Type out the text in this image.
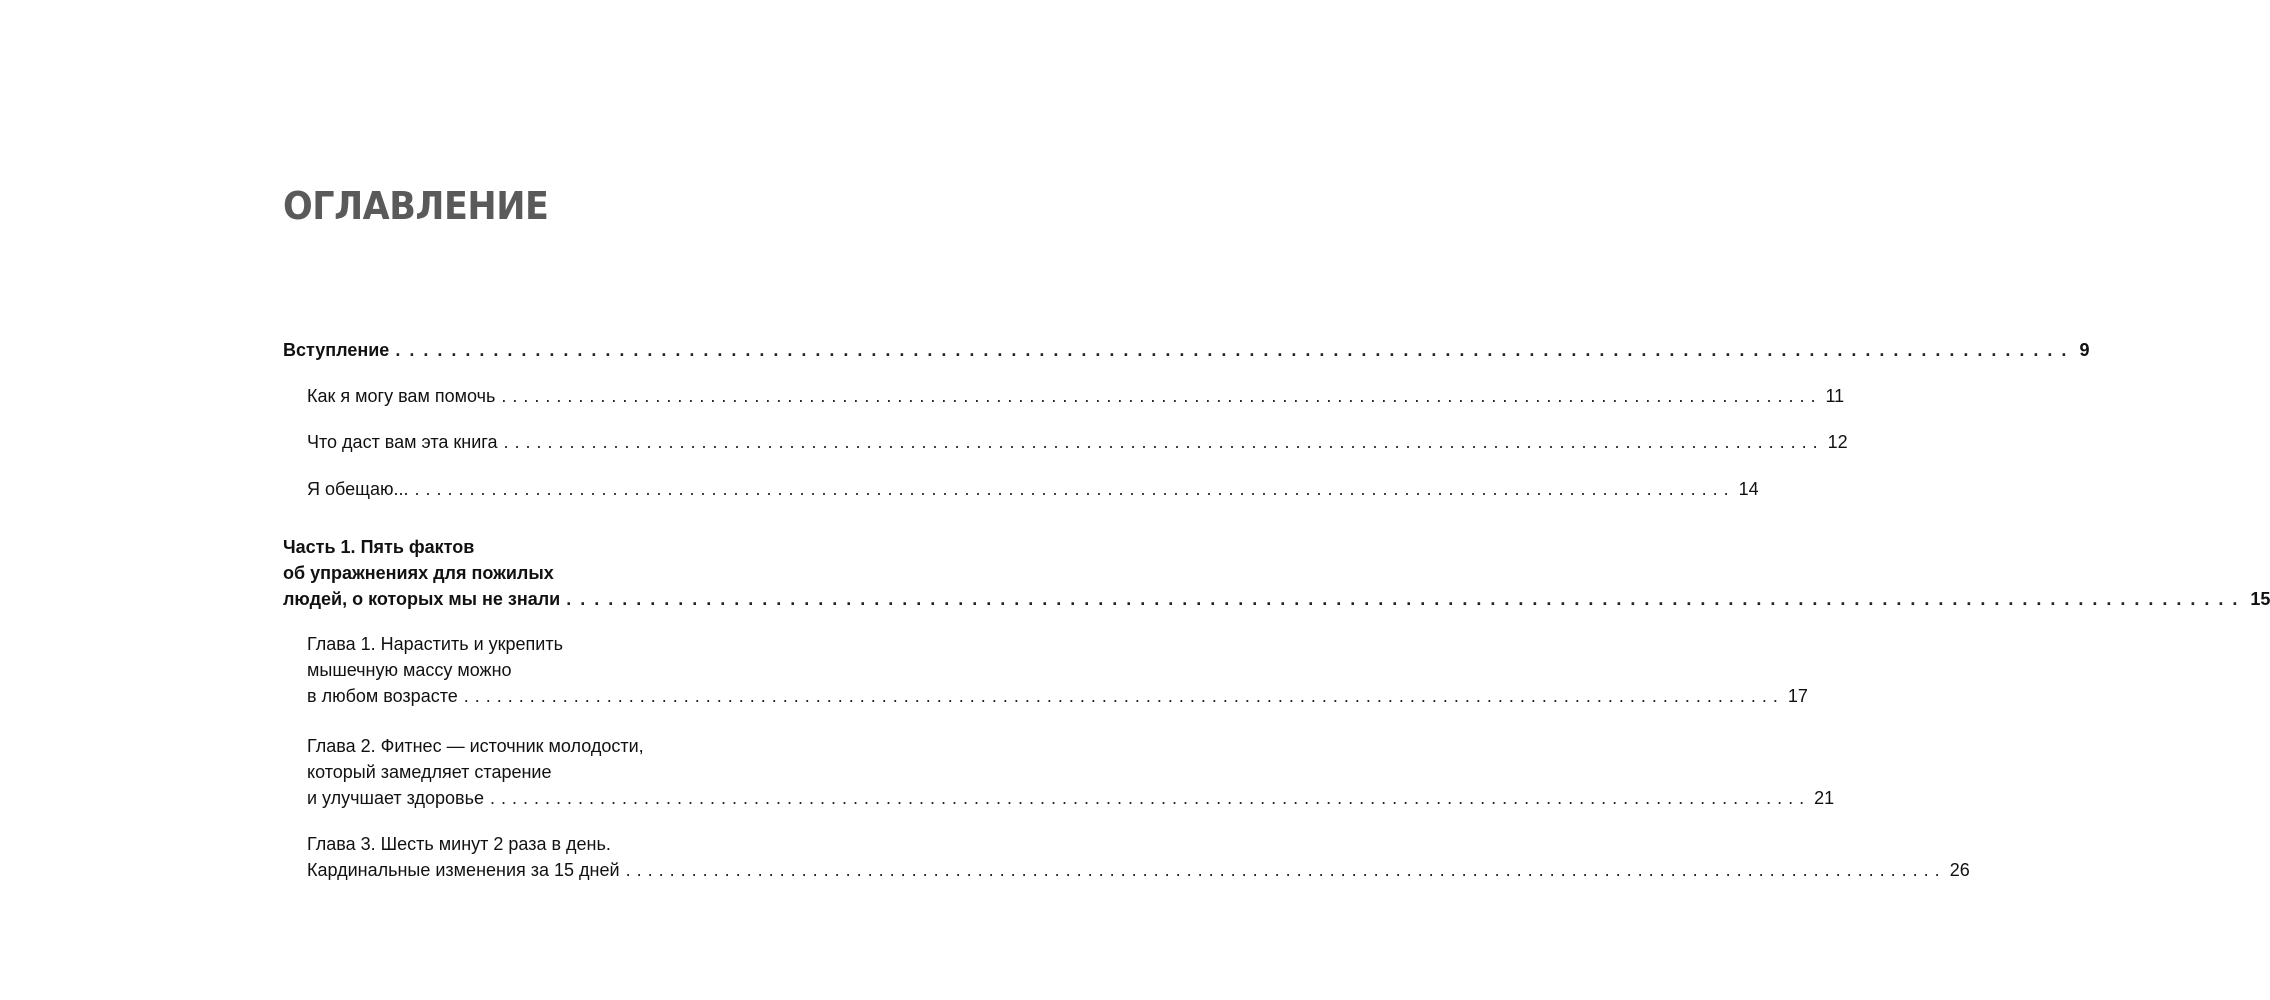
ОГЛАВЛЕНИЕ
Вступление ........................................................................................................................ 9
Как я могу вам помочь ........................................................................................................................ 11
Что даст вам эта книга ........................................................................................................................ 12
Я обещаю... ........................................................................................................................ 14
Часть 1. Пять фактов
об упражнениях для пожилых
людей, о которых мы не знали ........................................................................................................................ 15
Глава 1. Нарастить и укрепить
мышечную массу можно
в любом возрасте ........................................................................................................................ 17
Глава 2. Фитнес — источник молодости,
который замедляет старение
и улучшает здоровье ........................................................................................................................ 21
Глава 3. Шесть минут 2 раза в день.
Кардинальные изменения за 15 дней ........................................................................................................................ 26
